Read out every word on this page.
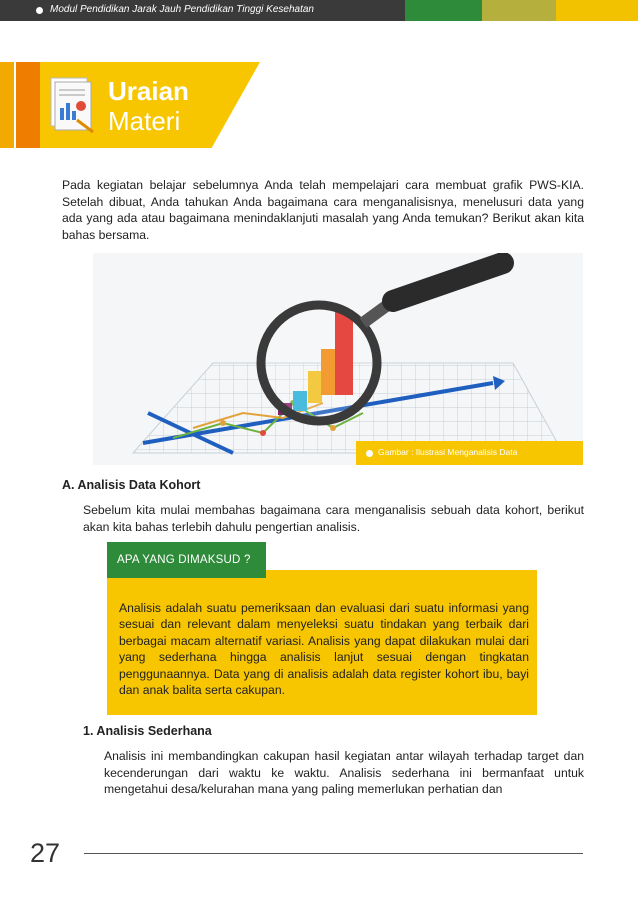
Modul Pendidikan Jarak Jauh Pendidikan Tinggi Kesehatan
Uraian
Materi
Pada kegiatan belajar sebelumnya Anda telah mempelajari cara membuat grafik PWS-KIA. Setelah dibuat, Anda tahukan Anda bagaimana cara menganalisisnya, menelusuri data yang ada yang ada atau bagaimana menindaklanjuti masalah yang Anda temukan? Berikut akan kita bahas bersama.
Gambar : Ilustrasi Menganalisis Data
A. Analisis Data Kohort
Sebelum kita mulai membahas bagaimana cara menganalisis sebuah data kohort, berikut akan kita bahas terlebih dahulu pengertian analisis.
Analisis adalah suatu pemeriksaan dan evaluasi dari suatu informasi yang sesuai dan relevant dalam menyeleksi suatu tindakan yang terbaik dari berbagai macam alternatif variasi. Analisis yang dapat dilakukan mulai dari yang sederhana hingga analisis lanjut sesuai dengan tingkatan penggunaannya. Data yang di analisis adalah data register kohort ibu, bayi dan anak balita serta cakupan.
APA YANG DIMAKSUD ?
1. Analisis Sederhana
Analisis ini membandingkan cakupan hasil kegiatan antar wilayah terhadap target dan kecenderungan dari waktu ke waktu. Analisis sederhana ini bermanfaat untuk mengetahui desa/kelurahan mana yang paling memerlukan perhatian dan
27
